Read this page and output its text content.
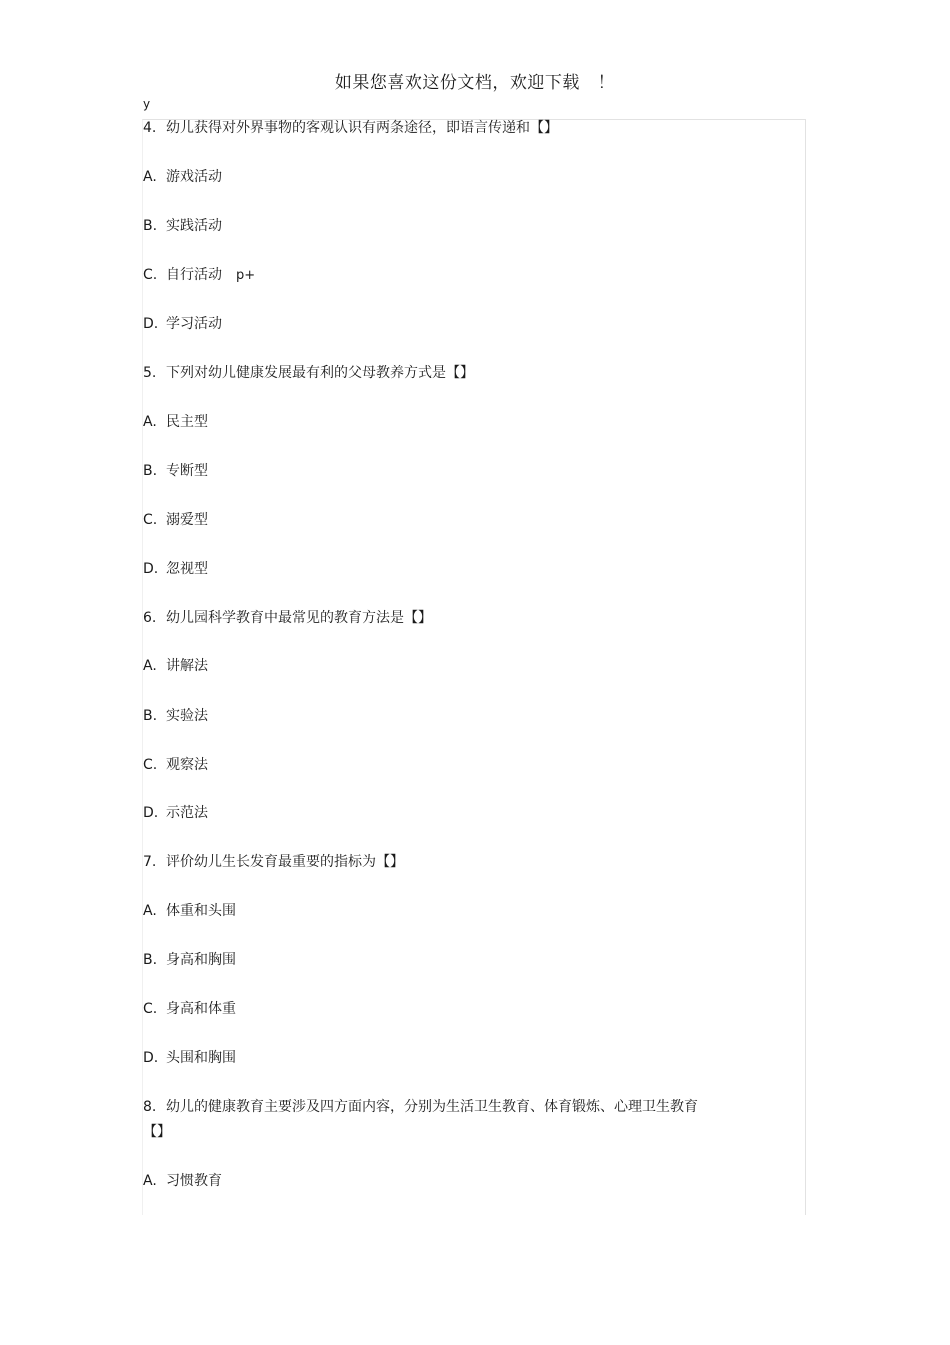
如果您喜欢这份文档，欢迎下载   ！
y
4. 幼儿获得对外界事物的客观认识有两条途径，即语言传递和【】
A. 游戏活动
B. 实践活动
C. 自行活动 p+
D. 学习活动
5. 下列对幼儿健康发展最有利的父母教养方式是【】
A. 民主型
B. 专断型
C. 溺爱型
D. 忽视型
6. 幼儿园科学教育中最常见的教育方法是【】
A. 讲解法
B. 实验法
C. 观察法
D. 示范法
7. 评价幼儿生长发育最重要的指标为【】
A. 体重和头围
B. 身高和胸围
C. 身高和体重
D. 头围和胸围
8. 幼儿的健康教育主要涉及四方面内容，分别为生活卫生教育、体育锻炼、心理卫生教育
【】
A. 习惯教育
